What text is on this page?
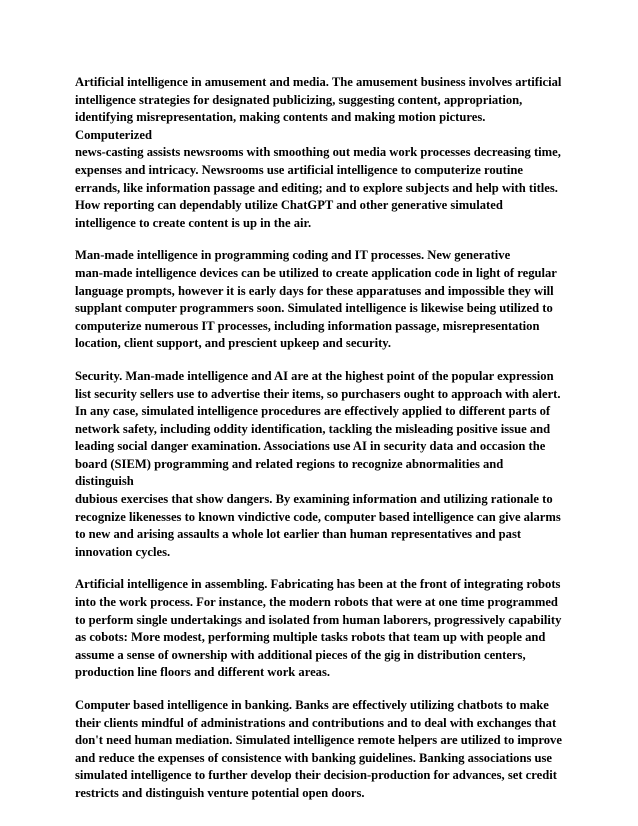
Artificial intelligence in amusement and media. The amusement business involves artificial
intelligence strategies for designated publicizing, suggesting content, appropriation,
identifying misrepresentation, making contents and making motion pictures. Computerized
news-casting assists newsrooms with smoothing out media work processes decreasing time,
expenses and intricacy. Newsrooms use artificial intelligence to computerize routine
errands, like information passage and editing; and to explore subjects and help with titles.
How reporting can dependably utilize ChatGPT and other generative simulated
intelligence to create content is up in the air.

Man-made intelligence in programming coding and IT processes. New generative
man-made intelligence devices can be utilized to create application code in light of regular
language prompts, however it is early days for these apparatuses and impossible they will
supplant computer programmers soon. Simulated intelligence is likewise being utilized to
computerize numerous IT processes, including information passage, misrepresentation
location, client support, and prescient upkeep and security.

Security. Man-made intelligence and AI are at the highest point of the popular expression
list security sellers use to advertise their items, so purchasers ought to approach with alert.
In any case, simulated intelligence procedures are effectively applied to different parts of
network safety, including oddity identification, tackling the misleading positive issue and
leading social danger examination. Associations use AI in security data and occasion the
board (SIEM) programming and related regions to recognize abnormalities and distinguish
dubious exercises that show dangers. By examining information and utilizing rationale to
recognize likenesses to known vindictive code, computer based intelligence can give alarms
to new and arising assaults a whole lot earlier than human representatives and past
innovation cycles.

Artificial intelligence in assembling. Fabricating has been at the front of integrating robots
into the work process. For instance, the modern robots that were at one time programmed
to perform single undertakings and isolated from human laborers, progressively capability
as cobots: More modest, performing multiple tasks robots that team up with people and
assume a sense of ownership with additional pieces of the gig in distribution centers,
production line floors and different work areas.

Computer based intelligence in banking. Banks are effectively utilizing chatbots to make
their clients mindful of administrations and contributions and to deal with exchanges that
don't need human mediation. Simulated intelligence remote helpers are utilized to improve
and reduce the expenses of consistence with banking guidelines. Banking associations use
simulated intelligence to further develop their decision-production for advances, set credit
restricts and distinguish venture potential open doors.
